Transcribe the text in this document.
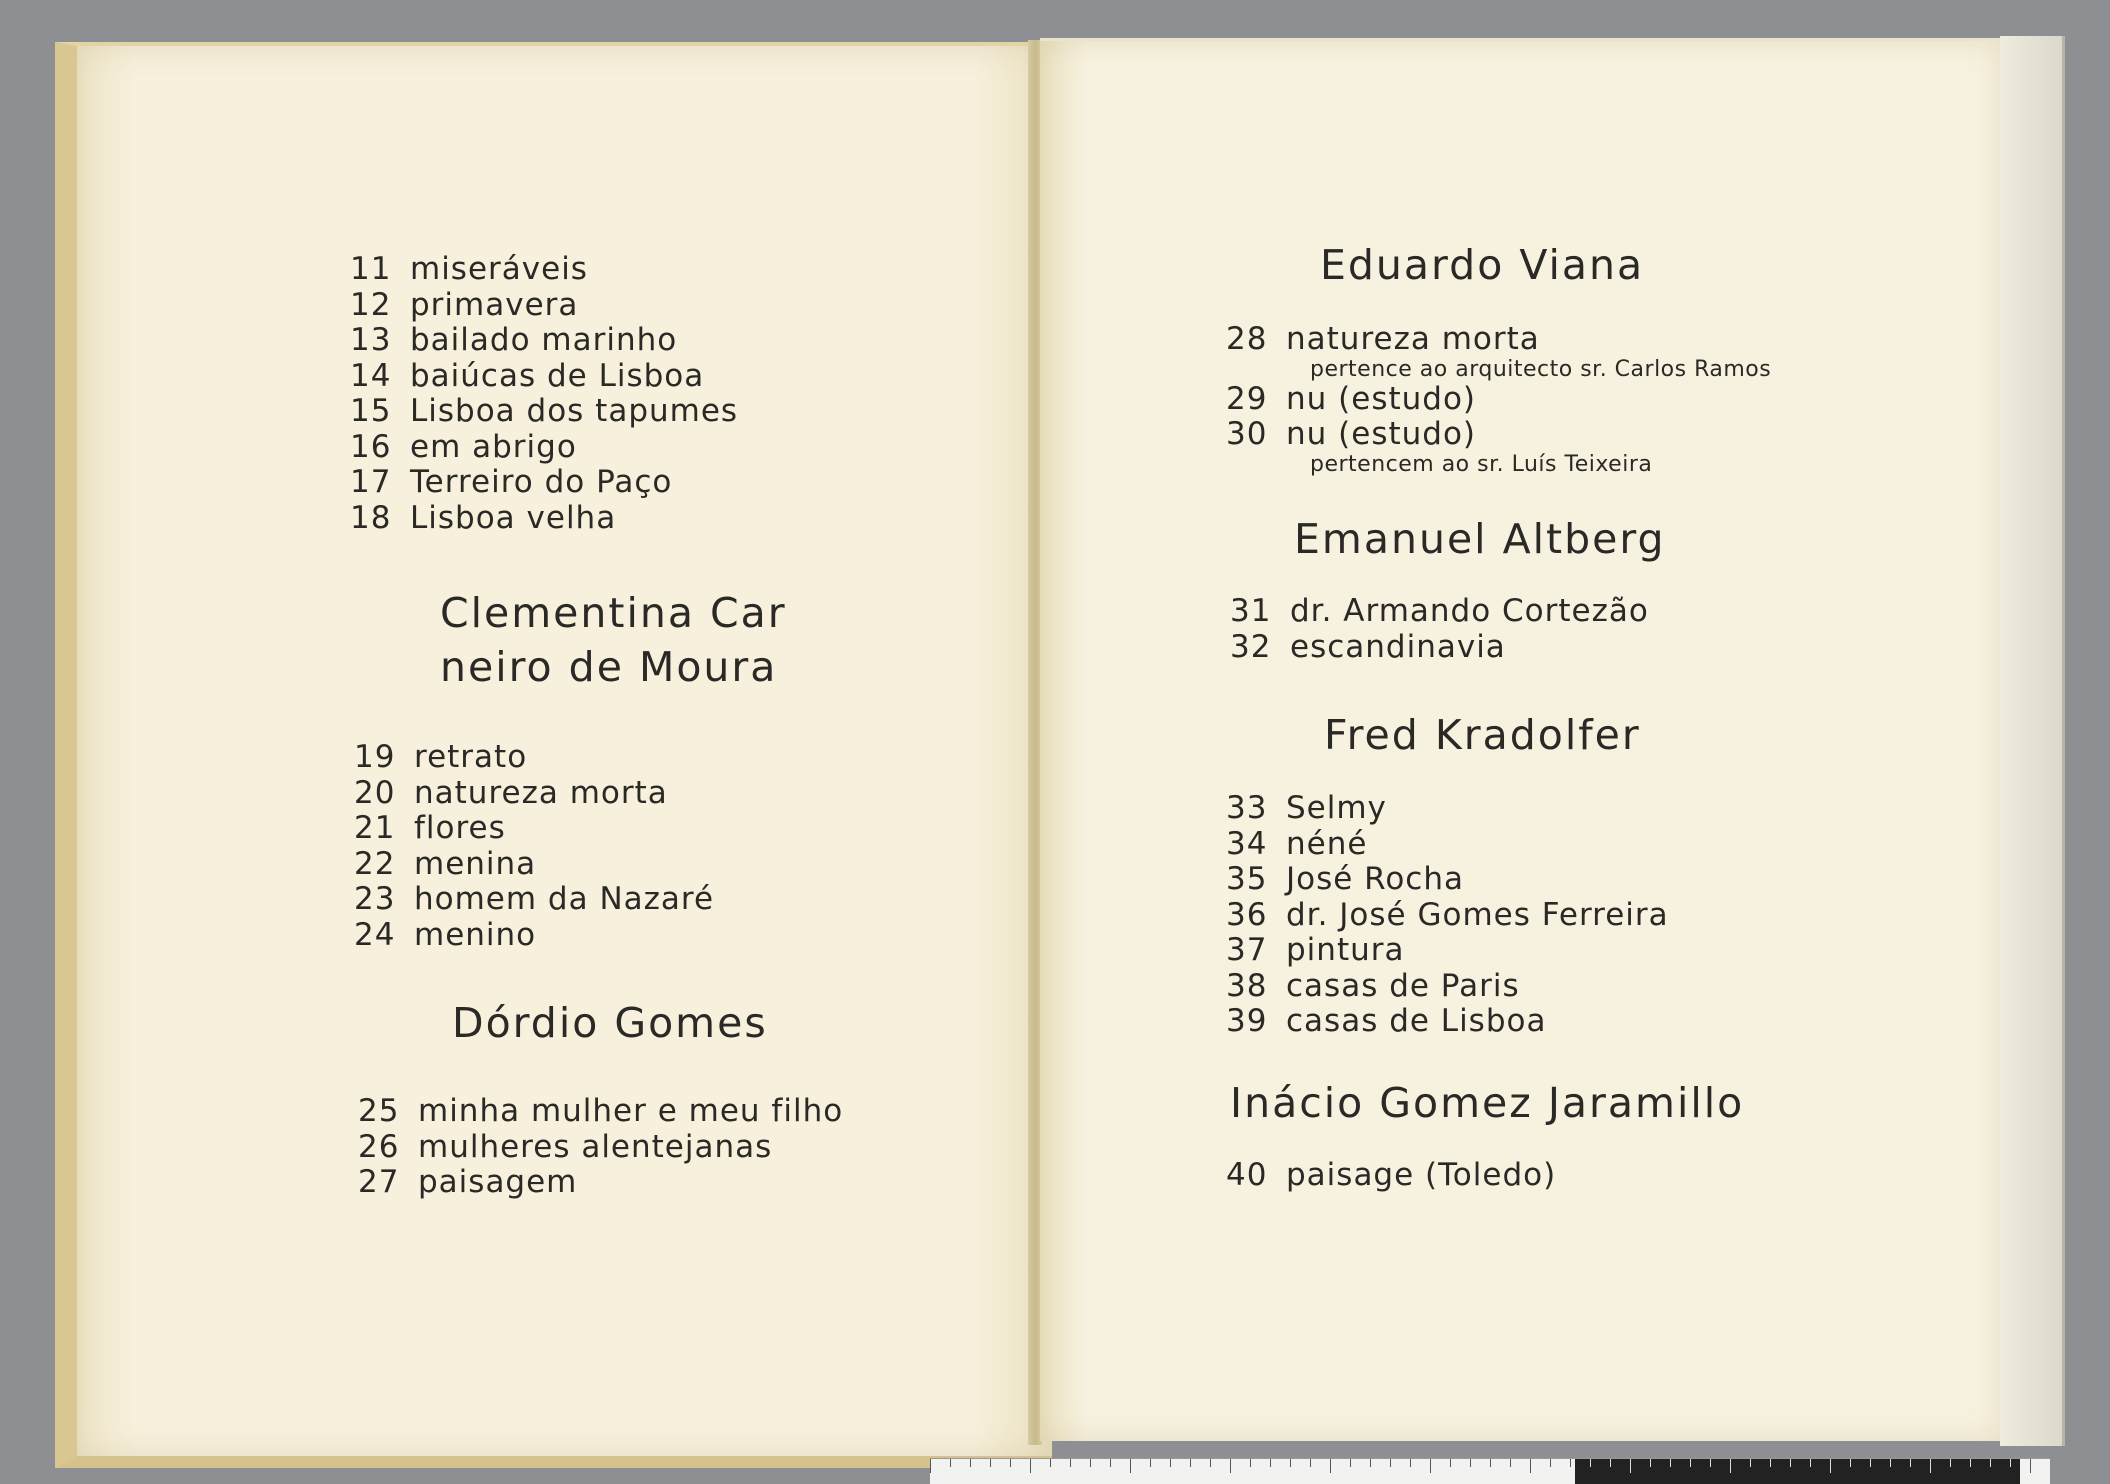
11 miseráveis
12 primavera
13 bailado marinho
14 baiúcas de Lisboa
15 Lisboa dos tapumes
16 em abrigo
17 Terreiro do Paço
18 Lisboa velha
Clementina Car
neiro de Moura
19 retrato
20 natureza morta
21 flores
22 menina
23 homem da Nazaré
24 menino
Dórdio Gomes
25 minha mulher e meu filho
26 mulheres alentejanas
27 paisagem
Eduardo Viana
28 natureza morta
pertence ao arquitecto sr. Carlos Ramos
29 nu (estudo)
30 nu (estudo)
pertencem ao sr. Luís Teixeira
Emanuel Altberg
31 dr. Armando Cortezão
32 escandinavia
Fred Kradolfer
33 Selmy
34 néné
35 José Rocha
36 dr. José Gomes Ferreira
37 pintura
38 casas de Paris
39 casas de Lisboa
Inácio Gomez Jaramillo
40 paisage (Toledo)
